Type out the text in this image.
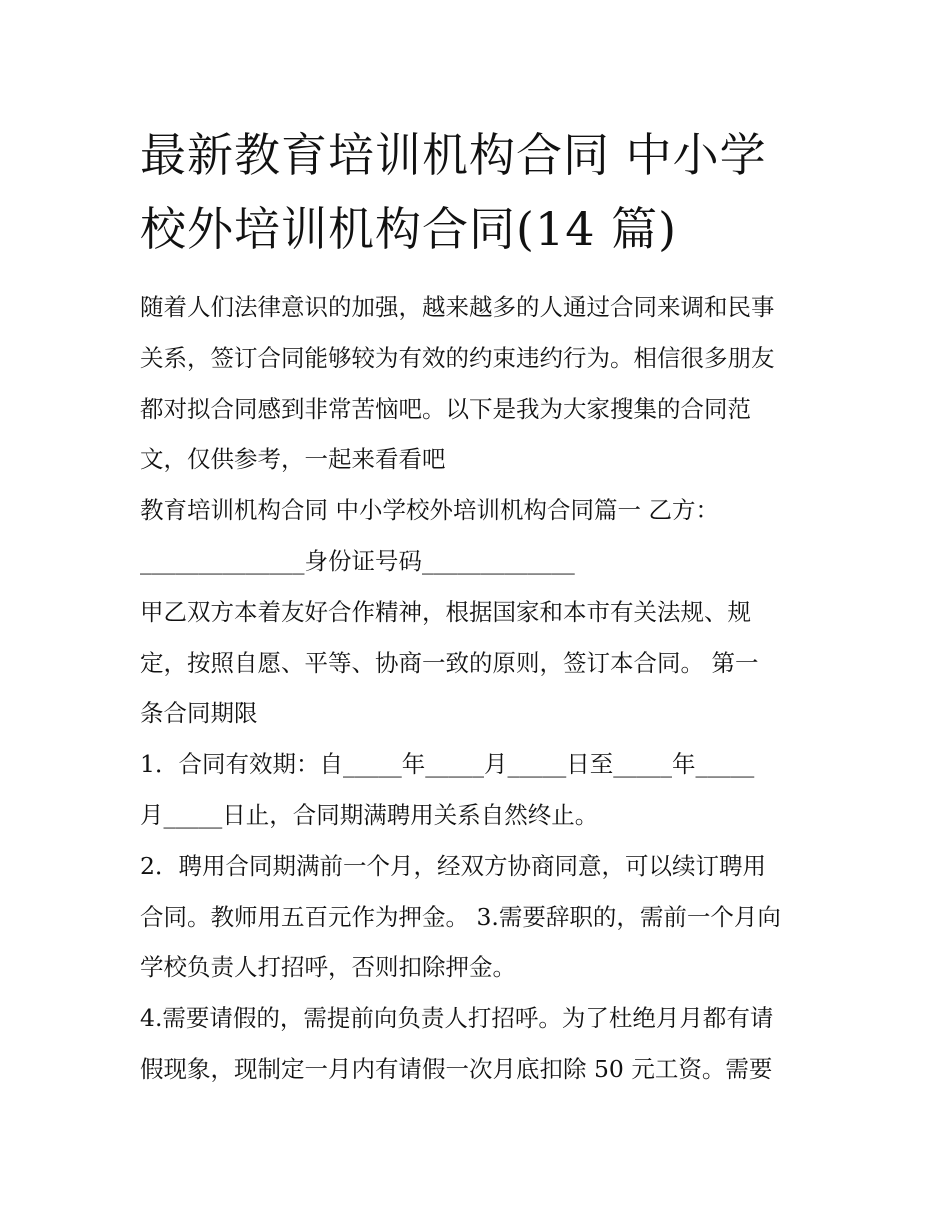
最新教育培训机构合同 中小学
校外培训机构合同(14 篇)
随着人们法律意识的加强，越来越多的人通过合同来调和民事
关系，签订合同能够较为有效的约束违约行为。相信很多朋友
都对拟合同感到非常苦恼吧。以下是我为大家搜集的合同范
文，仅供参考，一起来看看吧
教育培训机构合同 中小学校外培训机构合同篇一 乙方：
______________身份证号码_____________
甲乙双方本着友好合作精神，根据国家和本市有关法规、规
定，按照自愿、平等、协商一致的原则，签订本合同。 第一
条合同期限
1．合同有效期：自_____年_____月_____日至_____年_____
月_____日止，合同期满聘用关系自然终止。
2．聘用合同期满前一个月，经双方协商同意，可以续订聘用
合同。教师用五百元作为押金。 3.需要辞职的，需前一个月向
学校负责人打招呼，否则扣除押金。
4.需要请假的，需提前向负责人打招呼。为了杜绝月月都有请
假现象，现制定一月内有请假一次月底扣除 50 元工资。需要
